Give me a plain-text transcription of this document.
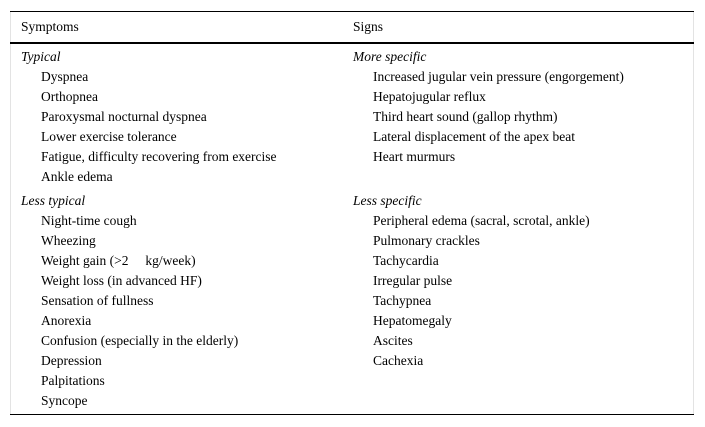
Symptoms	Signs
Typical
Dyspnea
Orthopnea
Paroxysmal nocturnal dyspnea
Lower exercise tolerance
Fatigue, difficulty recovering from exercise
Ankle edema
Less typical
Night-time cough
Wheezing
Weight gain (>2     kg/week)
Weight loss (in advanced HF)
Sensation of fullness
Anorexia
Confusion (especially in the elderly)
Depression
Palpitations
Syncope
More specific
Increased jugular vein pressure (engorgement)
Hepatojugular reflux
Third heart sound (gallop rhythm)
Lateral displacement of the apex beat
Heart murmurs
Less specific
Peripheral edema (sacral, scrotal, ankle)
Pulmonary crackles
Tachycardia
Irregular pulse
Tachypnea
Hepatomegaly
Ascites
Cachexia
